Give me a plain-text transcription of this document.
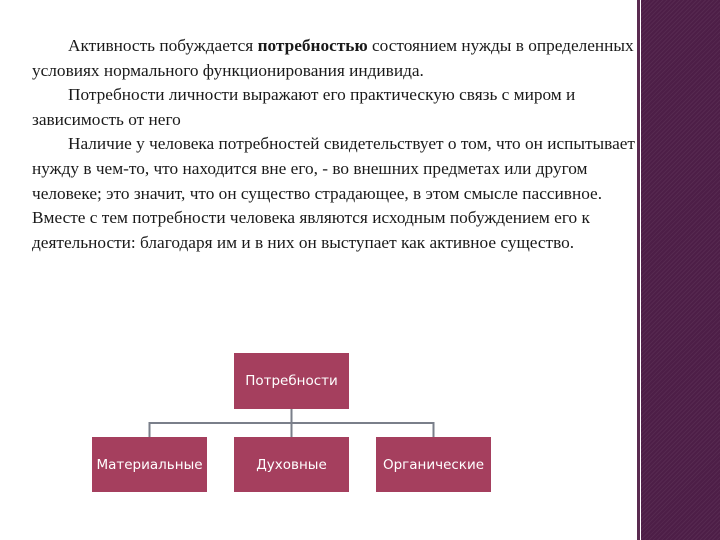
Активность побуждается потребностью состоянием нужды в определенных условиях нормального функционирования индивида.

Потребности личности выражают его практическую связь с миром и зависимость от него

Наличие у человека потребностей свидетельствует о том, что он испытывает нужду в чем-то, что находится вне его, - во внешних предметах или другом человеке; это значит, что он существо страдающее, в этом смысле пассивное. Вместе с тем потребности человека являются исходным побуждением его к деятельности: благодаря им и в них он выступает как активное существо.

Потребности
Материальные	Духовные	Органические
